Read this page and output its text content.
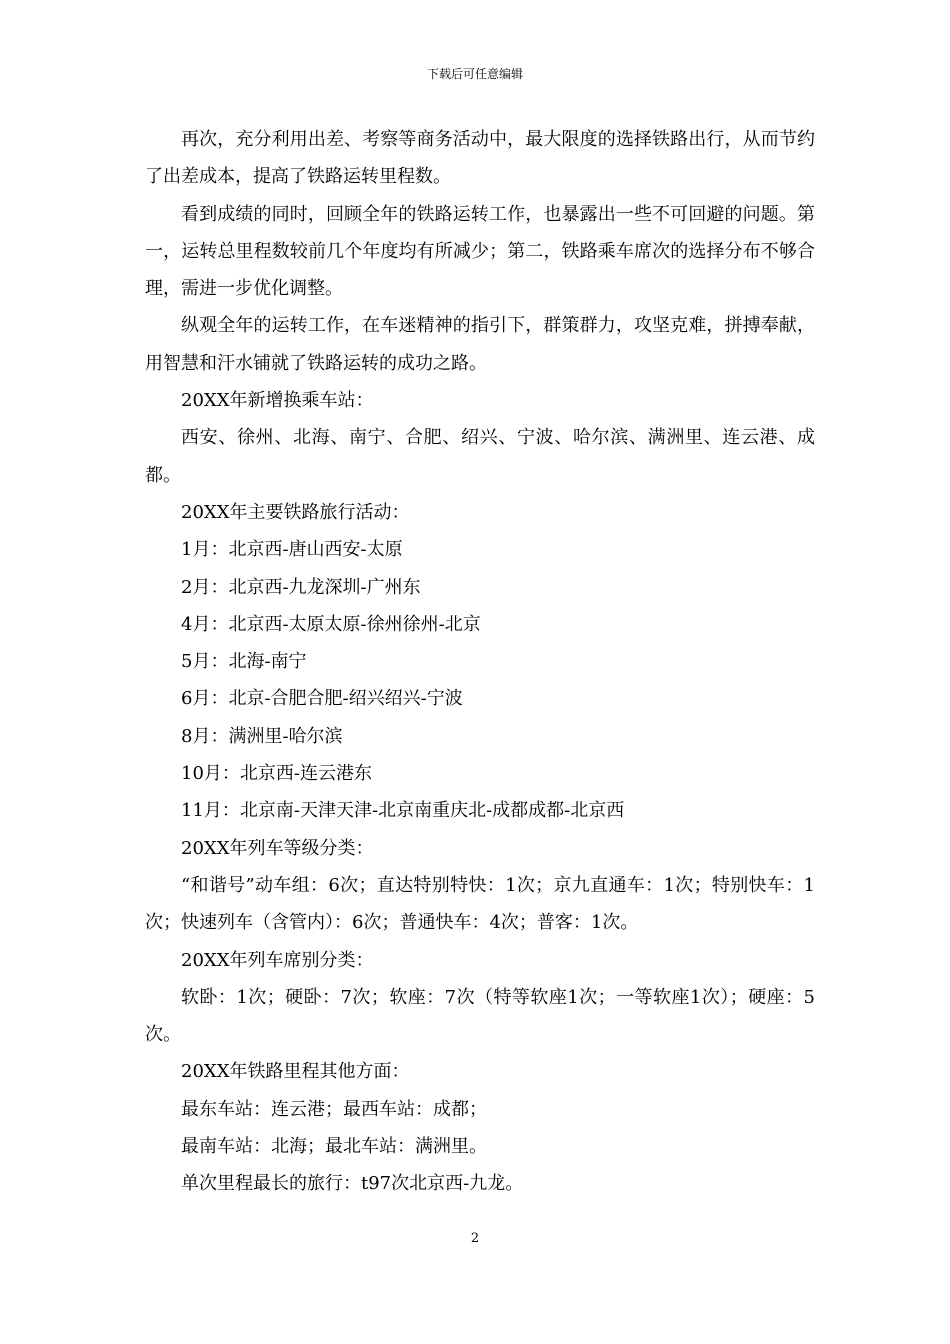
下载后可任意编辑

再次，充分利用出差、考察等商务活动中，最大限度的选择铁路出行，从而节约了出差成本，提高了铁路运转里程数。

看到成绩的同时，回顾全年的铁路运转工作，也暴露出一些不可回避的问题。第一，运转总里程数较前几个年度均有所减少；第二，铁路乘车席次的选择分布不够合理，需进一步优化调整。

纵观全年的运转工作，在车迷精神的指引下，群策群力，攻坚克难，拼搏奉献，用智慧和汗水铺就了铁路运转的成功之路。

20XX年新增换乘车站：

西安、徐州、北海、南宁、合肥、绍兴、宁波、哈尔滨、满洲里、连云港、成都。

20XX年主要铁路旅行活动：

1月：北京西-唐山西安-太原

2月：北京西-九龙深圳-广州东

4月：北京西-太原太原-徐州徐州-北京

5月：北海-南宁

6月：北京-合肥合肥-绍兴绍兴-宁波

8月：满洲里-哈尔滨

10月：北京西-连云港东

11月：北京南-天津天津-北京南重庆北-成都成都-北京西

20XX年列车等级分类：

“和谐号”动车组：6次；直达特别特快：1次；京九直通车：1次；特别快车：1次；快速列车（含管内）：6次；普通快车：4次；普客：1次。

20XX年列车席别分类：

软卧：1次；硬卧：7次；软座：7次（特等软座1次；一等软座1次）；硬座：5次。

20XX年铁路里程其他方面：

最东车站：连云港；最西车站：成都；

最南车站：北海；最北车站：满洲里。

单次里程最长的旅行：t97次北京西-九龙。

2
